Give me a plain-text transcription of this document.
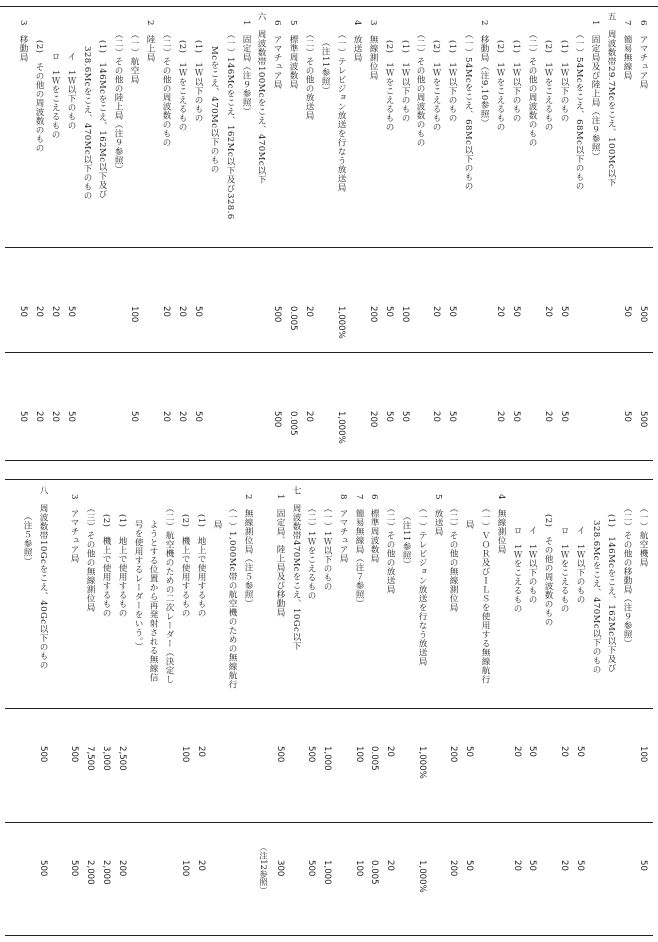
6　アマチュア局
500
500
7　簡易無線局
50
50
五　周波数帯29.7Mcをこえ、100Mc以下
1　固定局及び陸上局（注９参照）
（一）54Mcをこえ、68Mc以下のもの
(1)　1Ｗ以下のもの
50
50
(2)　1Ｗをこえるもの
20
20
（二）その他の周波数のもの
(1)　1Ｗ以下のもの
50
50
(2)　1Ｗをこえるもの
20
20
2　移動局（注9,10参照）
（一）54Mcをこえ、68Mc以下のもの
(1)　1Ｗ以下のもの
50
50
(2)　1Ｗをこえるもの
20
20
（二）その他の周波数のもの
(1)　1Ｗ以下のもの
100
50
(2)　1Ｗをこえるもの
50
50
3　無線測位局
200
200
4　放送局
（一）テレビジョン放送を行なう放送局
1,000%
1,000%
（注11参照）
（二）その他の放送局
20
20
5　標準周波数局
0.005
0.005
6　アマチュア局
500
500
六　周波数帯100Mcをこえ、470Mc以下
1　固定局（注９参照）
（一）146Mcをこえ、162Mc以下及び328.6
Mcをこえ、470Mc以下のもの
(1)　1Ｗ以下のもの
50
50
(2)　1Ｗをこえるもの
20
20
（二）その他の周波数のもの
20
20
2　陸上局
（一）航空局
100
50
（二）その他の陸上局（注９参照）
(1)　146Mcをこえ、162Mc以下及び
328.6Mcをこえ、470Mc以下のもの
イ　1Ｗ以下のもの
50
50
ロ　1Ｗをこえるもの
20
20
(2)　その他の周波数のもの
20
20
3　移動局
50
50
（一）航空機局
100
50
（二）その他の移動局（注９参照）
(1)　146Mcをこえ、162Mc以下及び
328.6Mcをこえ、470Mc以下のもの
イ　1Ｗ以下のもの
50
50
ロ　1Ｗをこえるもの
20
20
(2)　その他の周波数のもの
イ　1Ｗ以下のもの
50
50
ロ　1Ｗをこえるもの
20
20
4　無線測位局
（一）ＶＯＲ及びＩＬＳを使用する無線航行
局
50
50
（二）その他の無線測位局
200
200
5　放送局
（一）テレビジョン放送を行なう放送局
1,000%
1,000%
（注11参照）
（二）その他の放送局
20
20
6　標準周波数局
0.005
0.005
7　簡易無線局（注７参照）
100
100
8　アマチュア局
（一）1Ｗ以下のもの
1,000
1,000
（二）1Ｗをこえるもの
500
500
七　周波数帯470Mcをこえ、10Gc以下
1　固定局、陸上局及び移動局
500
300
2　無線測位局（注５参照）
（一）1,000Mc帯の航空機のための無線航行
局
(1)　地上で使用するもの
20
20
(2)　機上で使用するもの
100
100
（二）航空機のための二次レーダー（決定し
ようとする位置から再発射される無線信
号を使用するレーダーをいう。）
(1)　地上で使用するもの
2,500
200
(2)　機上で使用するもの
3,000
2,000
（三）その他の無線測位局
7,500
2,000
3　アマチュア局
500
500
八　周波数帯10Gcをこえ、40Gc以下のもの
500
500
（注５参照）
（注12参照）
